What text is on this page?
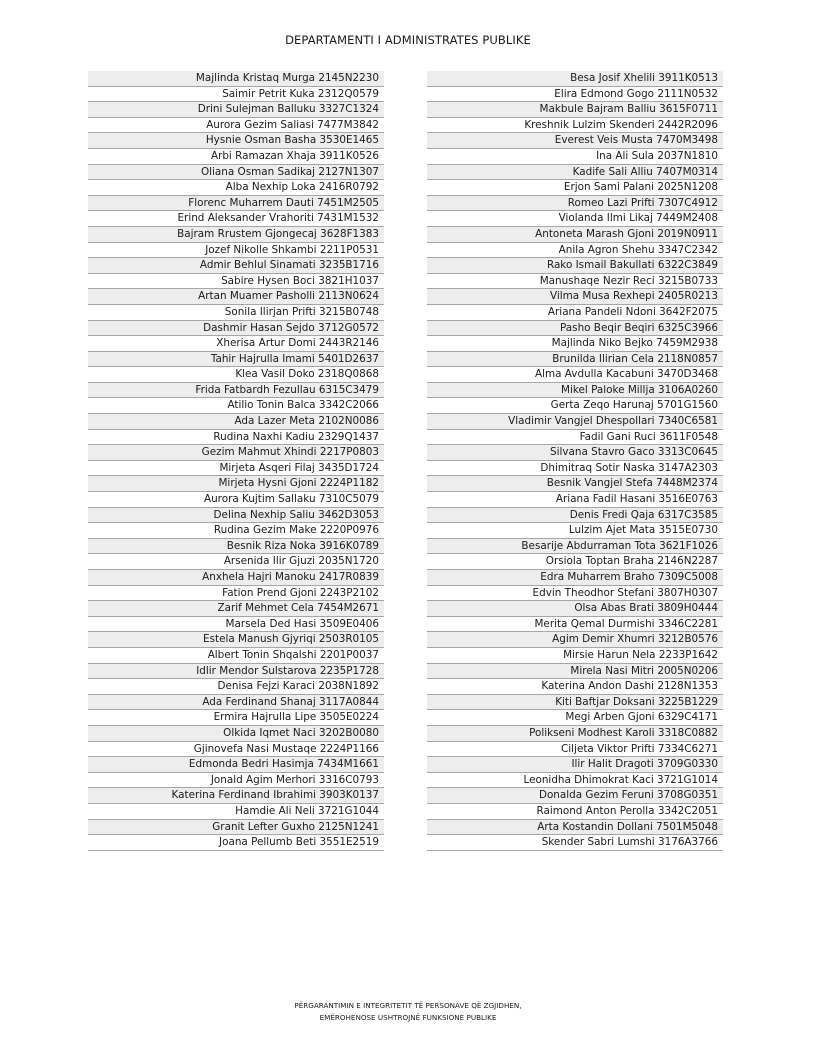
DEPARTAMENTI I ADMINISTRATES PUBLIKE
Majlinda Kristaq Murga 2145N2230
Saimir Petrit Kuka 2312Q0579
Drini Sulejman Balluku 3327C1324
Aurora Gezim Saliasi 7477M3842
Hysnie Osman Basha 3530E1465
Arbi Ramazan Xhaja 3911K0526
Oliana Osman Sadikaj 2127N1307
Alba Nexhip Loka 2416R0792
Florenc Muharrem Dauti 7451M2505
Erind Aleksander Vrahoriti 7431M1532
Bajram Rrustem Gjongecaj 3628F1383
Jozef Nikolle Shkambi 2211P0531
Admir Behlul Sinamati 3235B1716
Sabire Hysen Boci 3821H1037
Artan Muamer Pasholli 2113N0624
Sonila Ilirjan Prifti 3215B0748
Dashmir Hasan Sejdo 3712G0572
Xherisa Artur Domi 2443R2146
Tahir Hajrulla Imami 5401D2637
Klea Vasil Doko 2318Q0868
Frida Fatbardh Fezullau 6315C3479
Atilio Tonin Balca 3342C2066
Ada Lazer Meta 2102N0086
Rudina Naxhi Kadiu 2329Q1437
Gezim Mahmut Xhindi 2217P0803
Mirjeta Asqeri Filaj 3435D1724
Mirjeta Hysni Gjoni 2224P1182
Aurora Kujtim Sallaku 7310C5079
Delina Nexhip Saliu 3462D3053
Rudina Gezim Make 2220P0976
Besnik Riza Noka 3916K0789
Arsenida Ilir Gjuzi 2035N1720
Anxhela Hajri Manoku 2417R0839
Fation Prend Gjoni 2243P2102
Zarif Mehmet Cela 7454M2671
Marsela Ded Hasi 3509E0406
Estela Manush Gjyriqi 2503R0105
Albert Tonin Shqalshi 2201P0037
Idlir Mendor Sulstarova 2235P1728
Denisa Fejzi Karaci 2038N1892
Ada Ferdinand Shanaj 3117A0844
Ermira Hajrulla Lipe 3505E0224
Olkida Iqmet Naci 3202B0080
Gjinovefa Nasi Mustaqe 2224P1166
Edmonda Bedri Hasimja 7434M1661
Jonald Agim Merhori 3316C0793
Katerina Ferdinand Ibrahimi 3903K0137
Hamdie Ali Neli 3721G1044
Granit Lefter Guxho 2125N1241
Joana Pellumb Beti 3551E2519
Besa Josif Xhelili 3911K0513
Elira Edmond Gogo 2111N0532
Makbule Bajram Balliu 3615F0711
Kreshnik Lulzim Skenderi 2442R2096
Everest Veis Musta 7470M3498
Ina Ali Sula 2037N1810
Kadife Sali Alliu 7407M0314
Erjon Sami Palani 2025N1208
Romeo Lazi Prifti 7307C4912
Violanda Ilmi Likaj 7449M2408
Antoneta Marash Gjoni 2019N0911
Anila Agron Shehu 3347C2342
Rako Ismail Bakullati 6322C3849
Manushaqe Nezir Reci 3215B0733
Vilma Musa Rexhepi 2405R0213
Ariana Pandeli Ndoni 3642F2075
Pasho Beqir Beqiri 6325C3966
Majlinda Niko Bejko 7459M2938
Brunilda Ilirian Cela 2118N0857
Alma Avdulla Kacabuni 3470D3468
Mikel Paloke Millja 3106A0260
Gerta Zeqo Harunaj 5701G1560
Vladimir Vangjel Dhespollari 7340C6581
Fadil Gani Ruci 3611F0548
Silvana Stavro Gaco 3313C0645
Dhimitraq Sotir Naska 3147A2303
Besnik Vangjel Stefa 7448M2374
Ariana Fadil Hasani 3516E0763
Denis Fredi Qaja 6317C3585
Lulzim Ajet Mata 3515E0730
Besarije Abdurraman Tota 3621F1026
Orsiola Toptan Braha 2146N2287
Edra Muharrem Braho 7309C5008
Edvin Theodhor Stefani 3807H0307
Olsa Abas Brati 3809H0444
Merita Qemal Durmishi 3346C2281
Agim Demir Xhumri 3212B0576
Mirsie Harun Nela 2233P1642
Mirela Nasi Mitri 2005N0206
Katerina Andon Dashi 2128N1353
Kiti Baftjar Doksani 3225B1229
Megi Arben Gjoni 6329C4171
Polikseni Modhest Karoli 3318C0882
Ciljeta Viktor Prifti 7334C6271
Ilir Halit Dragoti 3709G0330
Leonidha Dhimokrat Kaci 3721G1014
Donalda Gezim Feruni 3708G0351
Raimond Anton Perolla 3342C2051
Arta Kostandin Dollani 7501M5048
Skender Sabri Lumshi 3176A3766
PËRGARANTIMIN E INTEGRITETIT TË PERSONAVE QË ZGJIDHEN,
EMËROHENOSE USHTROJNË FUNKSIONE PUBLIKE
